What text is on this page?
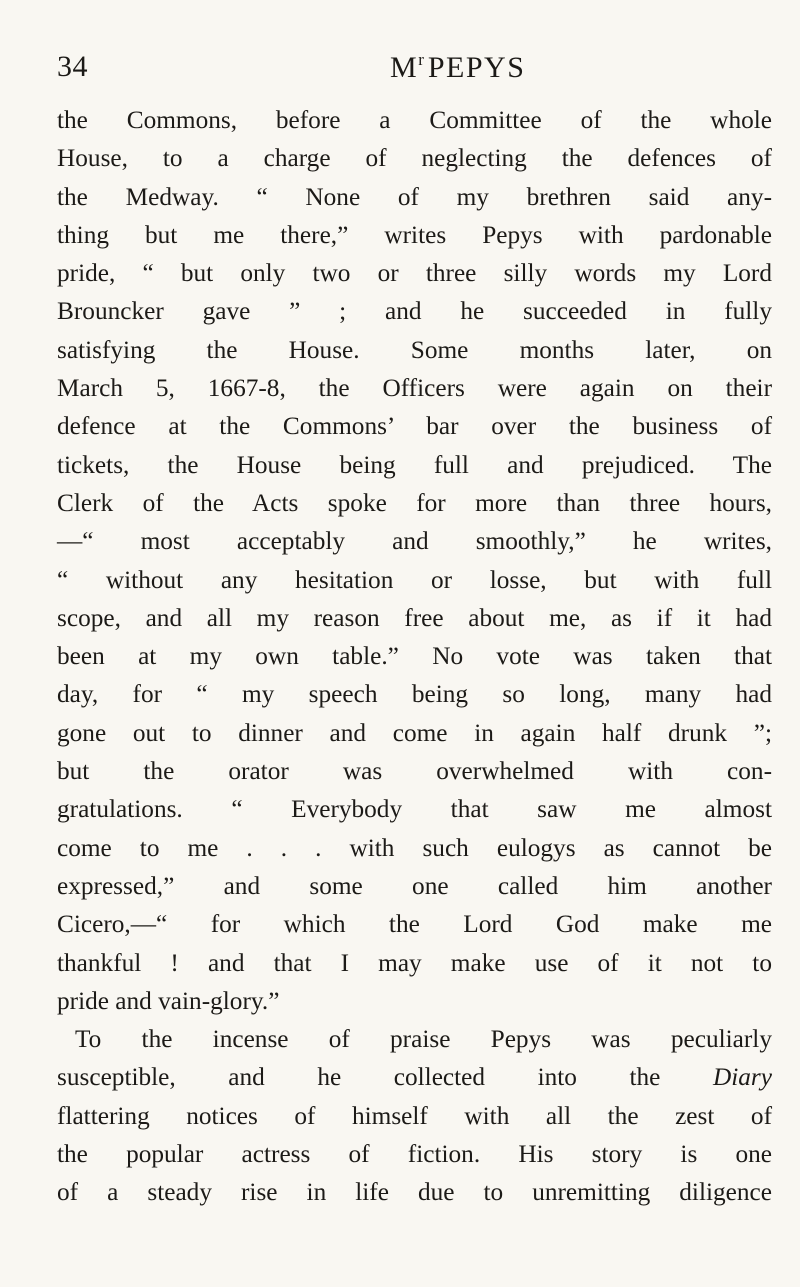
34	$M^r$ PEPYS
the Commons, before a Committee of the whole
House, to a charge of neglecting the defences of
the Medway. “ None of my brethren said any-
thing but me there,” writes Pepys with pardonable
pride, “ but only two or three silly words my Lord
Brouncker gave ” ; and he succeeded in fully
satisfying the House. Some months later, on
March 5, 1667-8, the Officers were again on their
defence at the Commons’ bar over the business of
tickets, the House being full and prejudiced. The
Clerk of the Acts spoke for more than three hours,
—“ most acceptably and smoothly,” he writes,
“ without any hesitation or losse, but with full
scope, and all my reason free about me, as if it had
been at my own table.” No vote was taken that
day, for “ my speech being so long, many had
gone out to dinner and come in again half drunk ”;
but the orator was overwhelmed with con-
gratulations. “ Everybody that saw me almost
come to me . . . with such eulogys as cannot be
expressed,” and some one called him another
Cicero,—“ for which the Lord God make me
thankful ! and that I may make use of it not to
pride and vain-glory.”
To the incense of praise Pepys was peculiarly
susceptible, and he collected into the Diary
flattering notices of himself with all the zest of
the popular actress of fiction. His story is one
of a steady rise in life due to unremitting diligence
